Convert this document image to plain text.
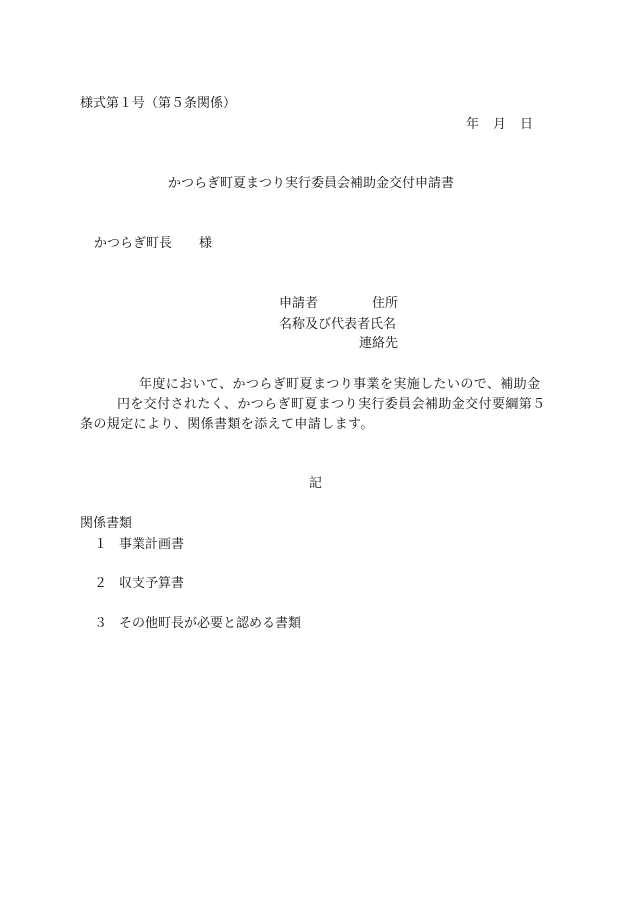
様式第１号（第５条関係）
年 月 日
かつらぎ町夏まつり実行委員会補助金交付申請書
かつらぎ町長 様
申請者	住所
名称及び代表者氏名
連絡先
年度において、かつらぎ町夏まつり事業を実施したいので、補助金
円を交付されたく、かつらぎ町夏まつり実行委員会補助金交付要綱第５
条の規定により、関係書類を添えて申請します。
記
関係書類
１ 事業計画書
２ 収支予算書
３ その他町長が必要と認める書類
